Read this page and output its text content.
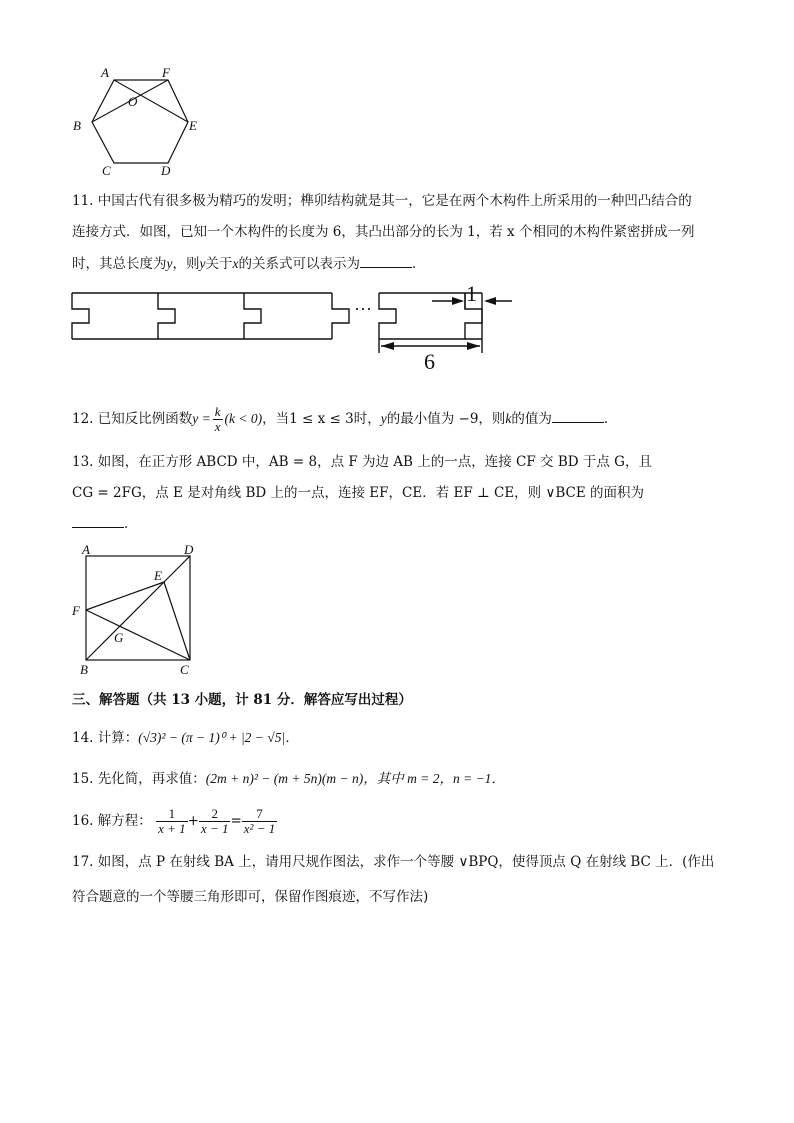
A	F
O
B	E
C	D
11. 中国古代有很多极为精巧的发明；榫卯结构就是其一，它是在两个木构件上所采用的一种凹凸结合的
连接方式．如图，已知一个木构件的长度为 6，其凸出部分的长为 1，若 x 个相同的木构件紧密拼成一列
时，其总长度为y，则y关于x的关系式可以表示为	．
···
1
6
12. 已知反比例函数$y = \frac{k}{x} (k < 0)$，当1 ≤ x ≤ 3时，y的最小值为 −9，则k的值为	．
13. 如图，在正方形 ABCD 中，AB = 8，点 F 为边 AB 上的一点，连接 CF 交 BD 于点 G，且
CG = 2FG，点 E 是对角线 BD 上的一点，连接 EF，CE．若 EF ⊥ CE，则 ∨BCE 的面积为
．
A	D
E
F
G
B	C
三、解答题（共 13 小题，计 81 分．解答应写出过程）
14. 计算：(√3)² − (π − 1)⁰ + |2 − √5|．
15. 先化简，再求值：(2m + n)² − (m + 5n)(m − n)，其中 m = 2，n = −1．
16. 解方程： $\frac{1}{x + 1} + \frac{2}{x - 1} = \frac{7}{\text{x² − 1}}$
17. 如图，点 P 在射线 BA 上，请用尺规作图法，求作一个等腰 ∨BPQ，使得顶点 Q 在射线 BC 上．(作出
符合题意的一个等腰三角形即可，保留作图痕迹，不写作法)
